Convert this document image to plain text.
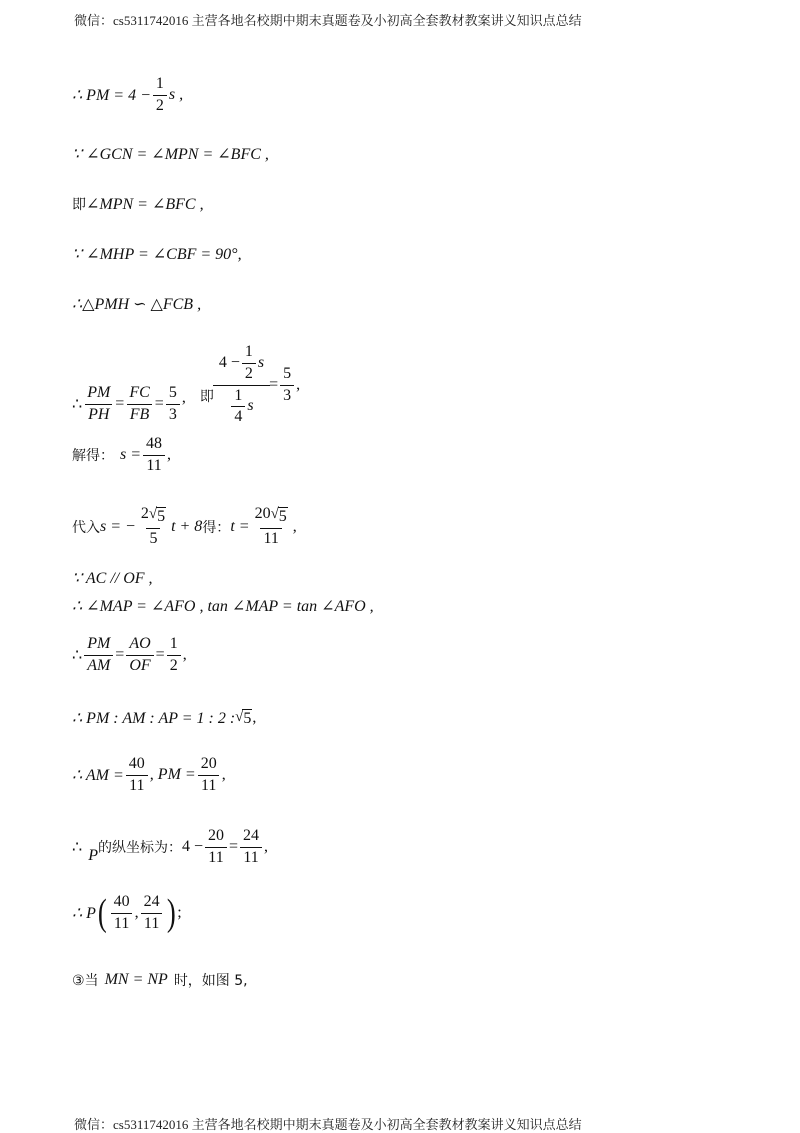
微信：cs5311742016 主营各地名校期中期末真题卷及小初高全套教材教案讲义知识点总结
∴ PM = $4 - \frac{1}{2}$ s ,
∵ ∠GCN = ∠MPN = ∠BFC ,
即 ∠MPN = ∠BFC ,
∵ ∠MHP = ∠CBF = 90°,
∴△PMH ∽ △FCB ,
∴ $\frac{PM}{PH} = \frac{FC}{FB} = \frac{5}{3}$ , 即 $\frac{4 - \frac{1}{2} s}{\frac{1}{4} s} = \frac{5}{3}$ ,
解得： $s = \frac{48}{11}$ ,
代入 s = − $\frac{2 √ 5}{5}$ t + 8 得： $t = \frac{20 √ 5}{11}$ ,
∵ AC // OF ,
∴ ∠MAP = ∠AFO , tan ∠MAP = tan ∠AFO ,
∴ $\frac{PM}{AM} = \frac{AO}{OF} = \frac{1}{2}$ ,
∴ PM : AM : AP = 1 : 2 : √ 5 ,
∴ AM = $\frac{40}{11}$ , PM = $\frac{20}{11}$ ,
∴ P 的纵坐标为： $4 - \frac{20}{11} = \frac{24}{11}$ ,
∴ P ( $\frac{40}{11}$ , $\frac{24}{11}$ ) ;
③当 MN = NP 时，如图 5,
微信：cs5311742016 主营各地名校期中期末真题卷及小初高全套教材教案讲义知识点总结
